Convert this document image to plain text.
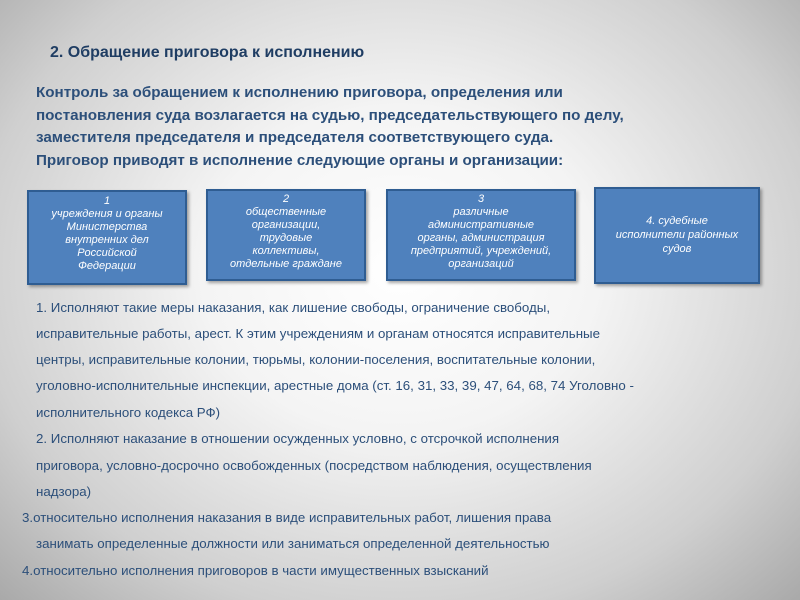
2. Обращение приговора к исполнению
Контроль за обращением к исполнению приговора, определения или
постановления суда возлагается на судью, председательствующего по делу,
заместителя председателя и председателя соответствующего суда.
Приговор приводят в исполнение следующие органы и организации:
1
учреждения и органы
Министерства
внутренних дел
Российской
Федерации
2
общественные
организации,
трудовые
коллективы,
отдельные граждане
3
различные
административные
органы, администрация
предприятий, учреждений,
организаций
4. судебные
исполнители районных
судов
1. Исполняют такие меры наказания, как лишение свободы, ограничение свободы,
исправительные работы, арест. К этим учреждениям и органам относятся исправительные
центры, исправительные колонии, тюрьмы, колонии-поселения, воспитательные колонии,
уголовно-исполнительные инспекции, арестные дома (ст. 16, 31, 33, 39, 47, 64, 68, 74 Уголовно -
исполнительного кодекса РФ)
2. Исполняют наказание в отношении осужденных условно, с отсрочкой исполнения
приговора, условно-досрочно освобожденных (посредством наблюдения, осуществления
надзора)
3.относительно исполнения наказания в виде исправительных работ, лишения права
занимать определенные должности или заниматься определенной деятельностью
4.относительно исполнения приговоров в части имущественных взысканий
